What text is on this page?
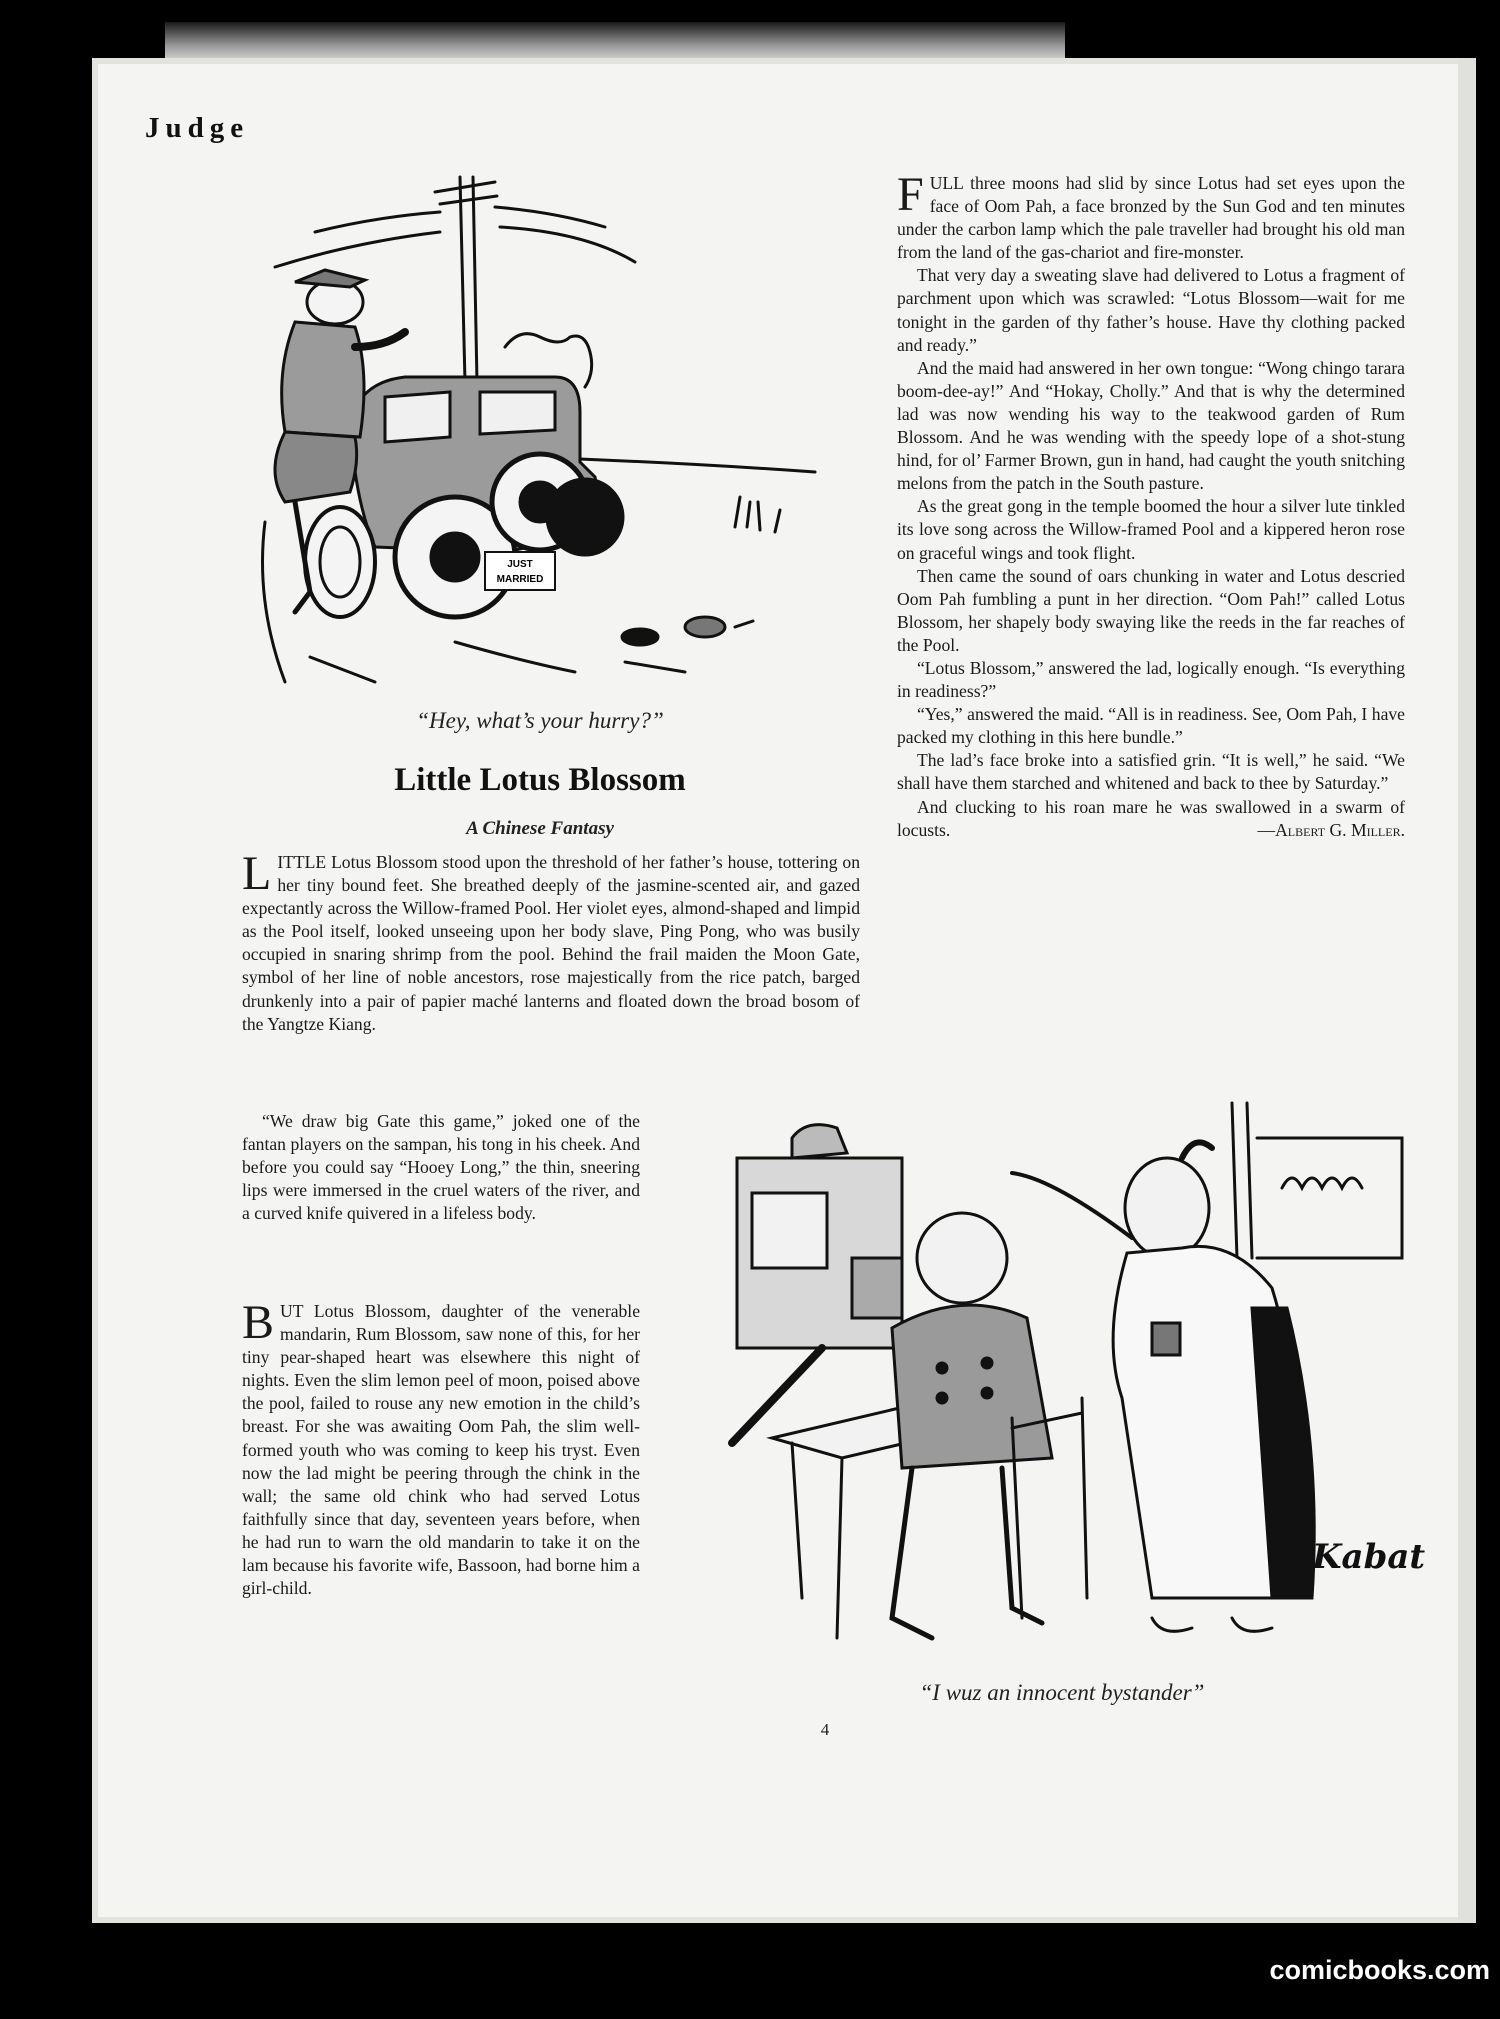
Judge
JUST
MARRIED
“Hey, what’s your hurry?”
Little Lotus Blossom
A Chinese Fantasy

LITTLE Lotus Blossom stood upon the threshold of her father’s house, tottering on her tiny bound feet. She breathed deeply of the jasmine-scented air, and gazed expectantly across the Willow-framed Pool. Her violet eyes, almond-shaped and limpid as the Pool itself, looked unseeing upon her body slave, Ping Pong, who was busily occupied in snaring shrimp from the pool. Behind the frail maiden the Moon Gate, symbol of her line of noble ancestors, rose majestically from the rice patch, barged drunkenly into a pair of papier maché lanterns and floated down the broad bosom of the Yangtze Kiang.

“We draw big Gate this game,” joked one of the fantan players on the sampan, his tong in his cheek. And before you could say “Hooey Long,” the thin, sneering lips were immersed in the cruel waters of the river, and a curved knife quivered in a lifeless body.

BUT Lotus Blossom, daughter of the venerable mandarin, Rum Blossom, saw none of this, for her tiny pear-shaped heart was elsewhere this night of nights. Even the slim lemon peel of moon, poised above the pool, failed to rouse any new emotion in the child’s breast. For she was awaiting Oom Pah, the slim well-formed youth who was coming to keep his tryst. Even now the lad might be peering through the chink in the wall; the same old chink who had served Lotus faithfully since that day, seventeen years before, when he had run to warn the old mandarin to take it on the lam because his favorite wife, Bassoon, had borne him a girl-child.

FULL three moons had slid by since Lotus had set eyes upon the face of Oom Pah, a face bronzed by the Sun God and ten minutes under the carbon lamp which the pale traveller had brought his old man from the land of the gas-chariot and fire-monster.

That very day a sweating slave had delivered to Lotus a fragment of parchment upon which was scrawled: “Lotus Blossom—wait for me tonight in the garden of thy father’s house. Have thy clothing packed and ready.”

And the maid had answered in her own tongue: “Wong chingo tarara boom-dee-ay!” And “Hokay, Cholly.” And that is why the determined lad was now wending his way to the teakwood garden of Rum Blossom. And he was wending with the speedy lope of a shot-stung hind, for ol’ Farmer Brown, gun in hand, had caught the youth snitching melons from the patch in the South pasture.

As the great gong in the temple boomed the hour a silver lute tinkled its love song across the Willow-framed Pool and a kippered heron rose on graceful wings and took flight.

Then came the sound of oars chunking in water and Lotus descried Oom Pah fumbling a punt in her direction. “Oom Pah!” called Lotus Blossom, her shapely body swaying like the reeds in the far reaches of the Pool.

“Lotus Blossom,” answered the lad, logically enough. “Is everything in readiness?”

“Yes,” answered the maid. “All is in readiness. See, Oom Pah, I have packed my clothing in this here bundle.”

The lad’s face broke into a satisfied grin. “It is well,” he said. “We shall have them starched and whitened and back to thee by Saturday.”

And clucking to his roan mare he was swallowed in a swarm of locusts.	—Albert G. Miller.

Kabat
“I wuz an innocent bystander”
4
comicbooks.com
